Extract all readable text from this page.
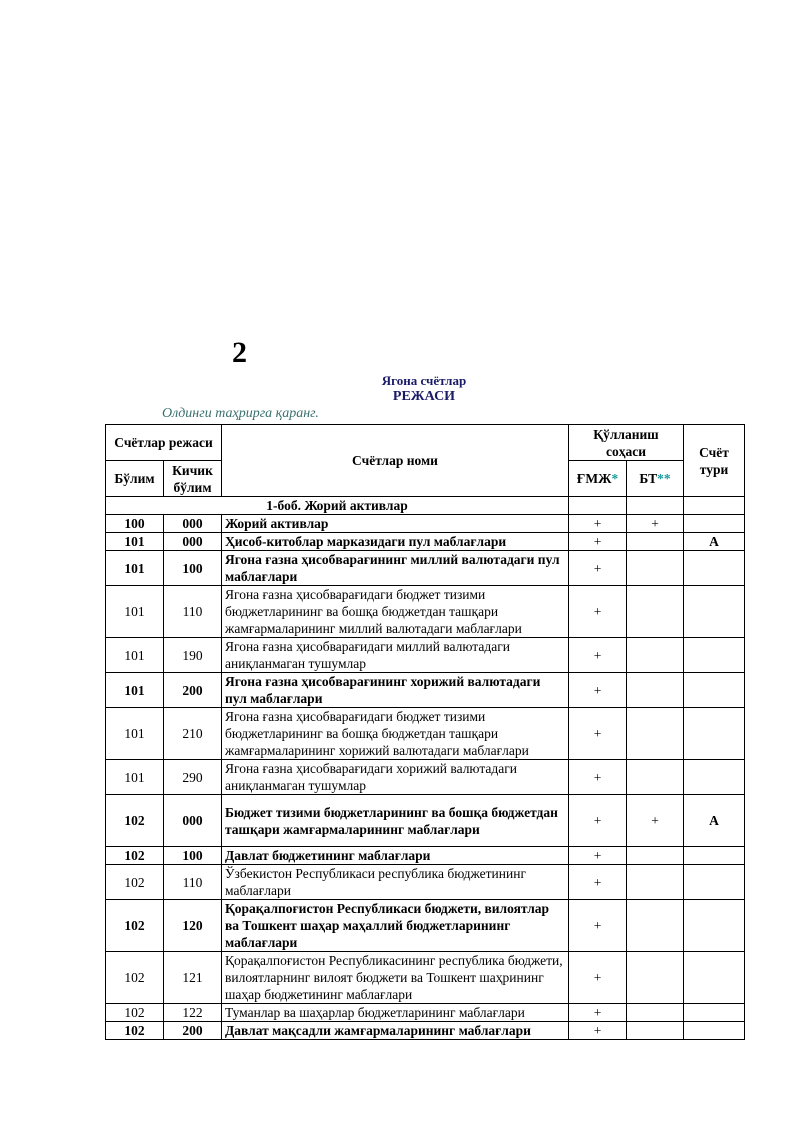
2
Ягона счётлар
РЕЖАСИ
Олдинги таҳрирга қаранг.
Счётлар режаси		Счётлар номи	Қўлланиш соҳаси		Счёт тури
Бўлим	Кичик бўлим		ҒМЖ*	БТ**	
1-боб. Жорий активлар					
100	000	Жорий активлар	+	+	
101	000	Ҳисоб-китоблар марказидаги пул маблағлари	+		А
101	100	Ягона ғазна ҳисобварағининг миллий валютадаги пул маблағлари	+		
101	110	Ягона ғазна ҳисобварағидаги бюджет тизими бюджетларининг ва бошқа бюджетдан ташқари жамғармаларининг миллий валютадаги маблағлари	+		
101	190	Ягона ғазна ҳисобварағидаги миллий валютадаги аниқланмаган тушумлар	+		
101	200	Ягона ғазна ҳисобварағининг хорижий валютадаги пул маблағлари	+		
101	210	Ягона ғазна ҳисобварағидаги бюджет тизими бюджетларининг ва бошқа бюджетдан ташқари жамғармаларининг хорижий валютадаги маблағлари	+		
101	290	Ягона ғазна ҳисобварағидаги хорижий валютадаги аниқланмаган тушумлар	+		
102	000	Бюджет тизими бюджетларининг ва бошқа бюджетдан ташқари жамғармаларининг маблағлари	+	+	А
102	100	Давлат бюджетининг маблағлари	+		
102	110	Ўзбекистон Республикаси республика бюджетининг маблағлари	+		
102	120	Қорақалпоғистон Республикаси бюджети, вилоятлар ва Тошкент шаҳар маҳаллий бюджетларининг маблағлари	+		
102	121	Қорақалпоғистон Республикасининг республика бюджети, вилоятларнинг вилоят бюджети ва Тошкент шаҳрининг шаҳар бюджетининг маблағлари	+		
102	122	Туманлар ва шаҳарлар бюджетларининг маблағлари	+		
102	200	Давлат мақсадли жамғармаларининг маблағлари	+		
